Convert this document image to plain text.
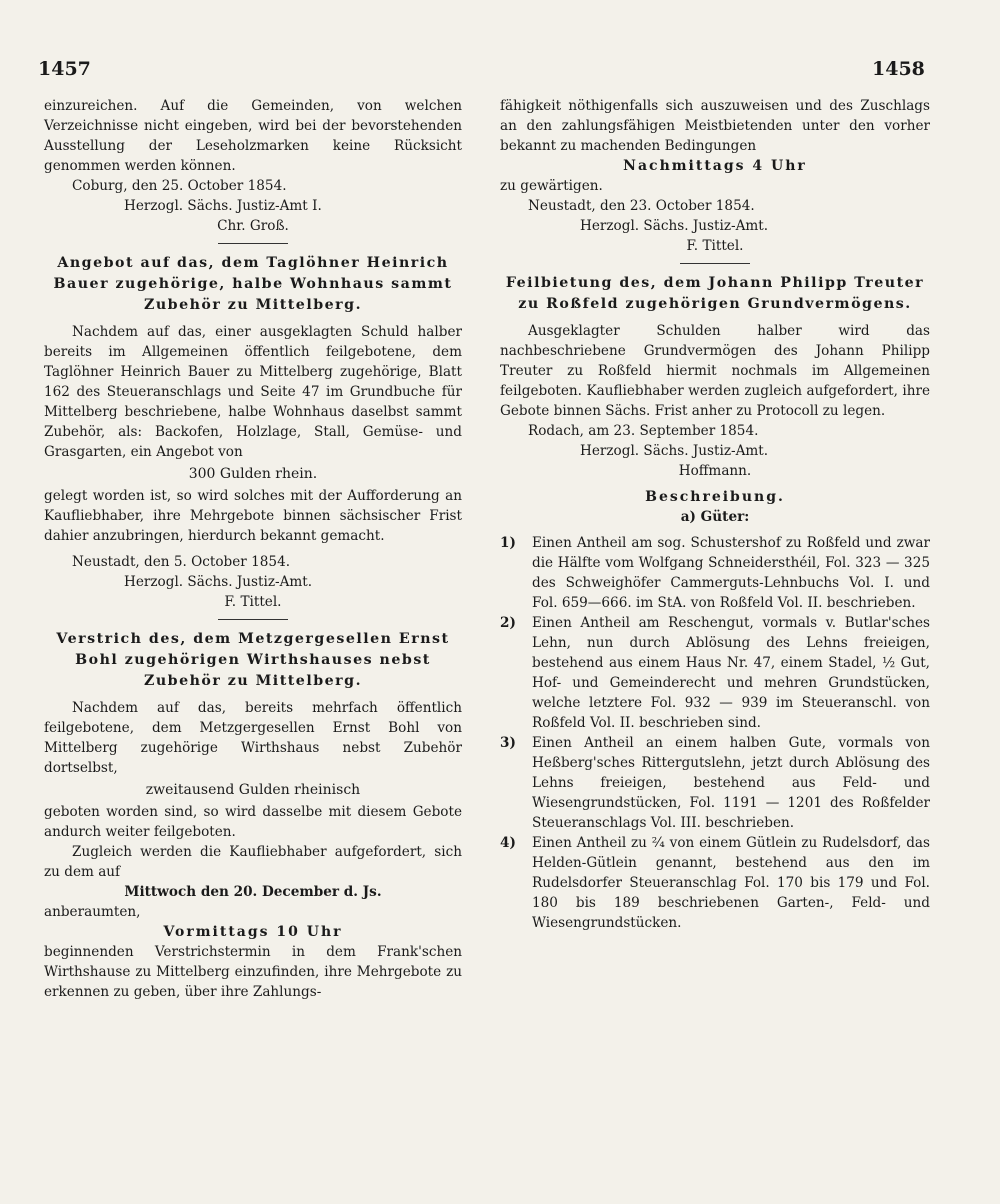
1457	1458

einzureichen. Auf die Gemeinden, von welchen Verzeichnisse nicht eingeben, wird bei der bevorstehenden Ausstellung der Leseholzmarken keine Rücksicht genommen werden können.

Coburg, den 25. October 1854.

Herzogl. Sächs. Justiz-Amt I.

Chr. Groß.

Angebot auf das, dem Taglöhner Heinrich Bauer zugehörige, halbe Wohnhaus sammt Zubehör zu Mittelberg.

Nachdem auf das, einer ausgeklagten Schuld halber bereits im Allgemeinen öffentlich feilgebotene, dem Taglöhner Heinrich Bauer zu Mittelberg zugehörige, Blatt 162 des Steueranschlags und Seite 47 im Grundbuche für Mittelberg beschriebene, halbe Wohnhaus daselbst sammt Zubehör, als: Backofen, Holzlage, Stall, Gemüse- und Grasgarten, ein Angebot von

300 Gulden rhein.

gelegt worden ist, so wird solches mit der Aufforderung an Kaufliebhaber, ihre Mehrgebote binnen sächsischer Frist dahier anzubringen, hierdurch bekannt gemacht.

Neustadt, den 5. October 1854.

Herzogl. Sächs. Justiz-Amt.

F. Tittel.

Verstrich des, dem Metzgergesellen Ernst Bohl zugehörigen Wirthshauses nebst Zubehör zu Mittelberg.

Nachdem auf das, bereits mehrfach öffentlich feilgebotene, dem Metzgergesellen Ernst Bohl von Mittelberg zugehörige Wirthshaus nebst Zubehör dortselbst,

zweitausend Gulden rheinisch

geboten worden sind, so wird dasselbe mit diesem Gebote andurch weiter feilgeboten.

Zugleich werden die Kaufliebhaber aufgefordert, sich zu dem auf

Mittwoch den 20. December d. Js.

anberaumten,

Vormittags 10 Uhr

beginnenden Verstrichstermin in dem Frank'schen Wirthshause zu Mittelberg einzufinden, ihre Mehrgebote zu erkennen zu geben, über ihre Zahlungs-

fähigkeit nöthigenfalls sich auszuweisen und des Zuschlags an den zahlungsfähigen Meistbietenden unter den vorher bekannt zu machenden Bedingungen

Nachmittags 4 Uhr

zu gewärtigen.

Neustadt, den 23. October 1854.

Herzogl. Sächs. Justiz-Amt.

F. Tittel.

Feilbietung des, dem Johann Philipp Treuter zu Roßfeld zugehörigen Grundvermögens.

Ausgeklagter Schulden halber wird das nachbeschriebene Grundvermögen des Johann Philipp Treuter zu Roßfeld hiermit nochmals im Allgemeinen feilgeboten. Kaufliebhaber werden zugleich aufgefordert, ihre Gebote binnen Sächs. Frist anher zu Protocoll zu legen.

Rodach, am 23. September 1854.

Herzogl. Sächs. Justiz-Amt.

Hoffmann.

Beschreibung.

a) Güter:

1)	Einen Antheil am sog. Schustershof zu Roßfeld und zwar die Hälfte vom Wolfgang Schneidersthéil, Fol. 323 — 325 des Schweighöfer Cammerguts-Lehnbuchs Vol. I. und Fol. 659—666. im StA. von Roßfeld Vol. II. beschrieben.
2)	Einen Antheil am Reschengut, vormals v. Butlar'sches Lehn, nun durch Ablösung des Lehns freieigen, bestehend aus einem Haus Nr. 47, einem Stadel, ½ Gut, Hof- und Gemeinderecht und mehren Grundstücken, welche letztere Fol. 932 — 939 im Steueranschl. von Roßfeld Vol. II. beschrieben sind.
3)	Einen Antheil an einem halben Gute, vormals von Heßberg'sches Rittergutslehn, jetzt durch Ablösung des Lehns freieigen, bestehend aus Feld- und Wiesengrundstücken, Fol. 1191 — 1201 des Roßfelder Steueranschlags Vol. III. beschrieben.
4)	Einen Antheil zu ²⁄₄ von einem Gütlein zu Rudelsdorf, das Helden-Gütlein genannt, bestehend aus den im Rudelsdorfer Steueranschlag Fol. 170 bis 179 und Fol. 180 bis 189 beschriebenen Garten-, Feld- und Wiesengrundstücken.
